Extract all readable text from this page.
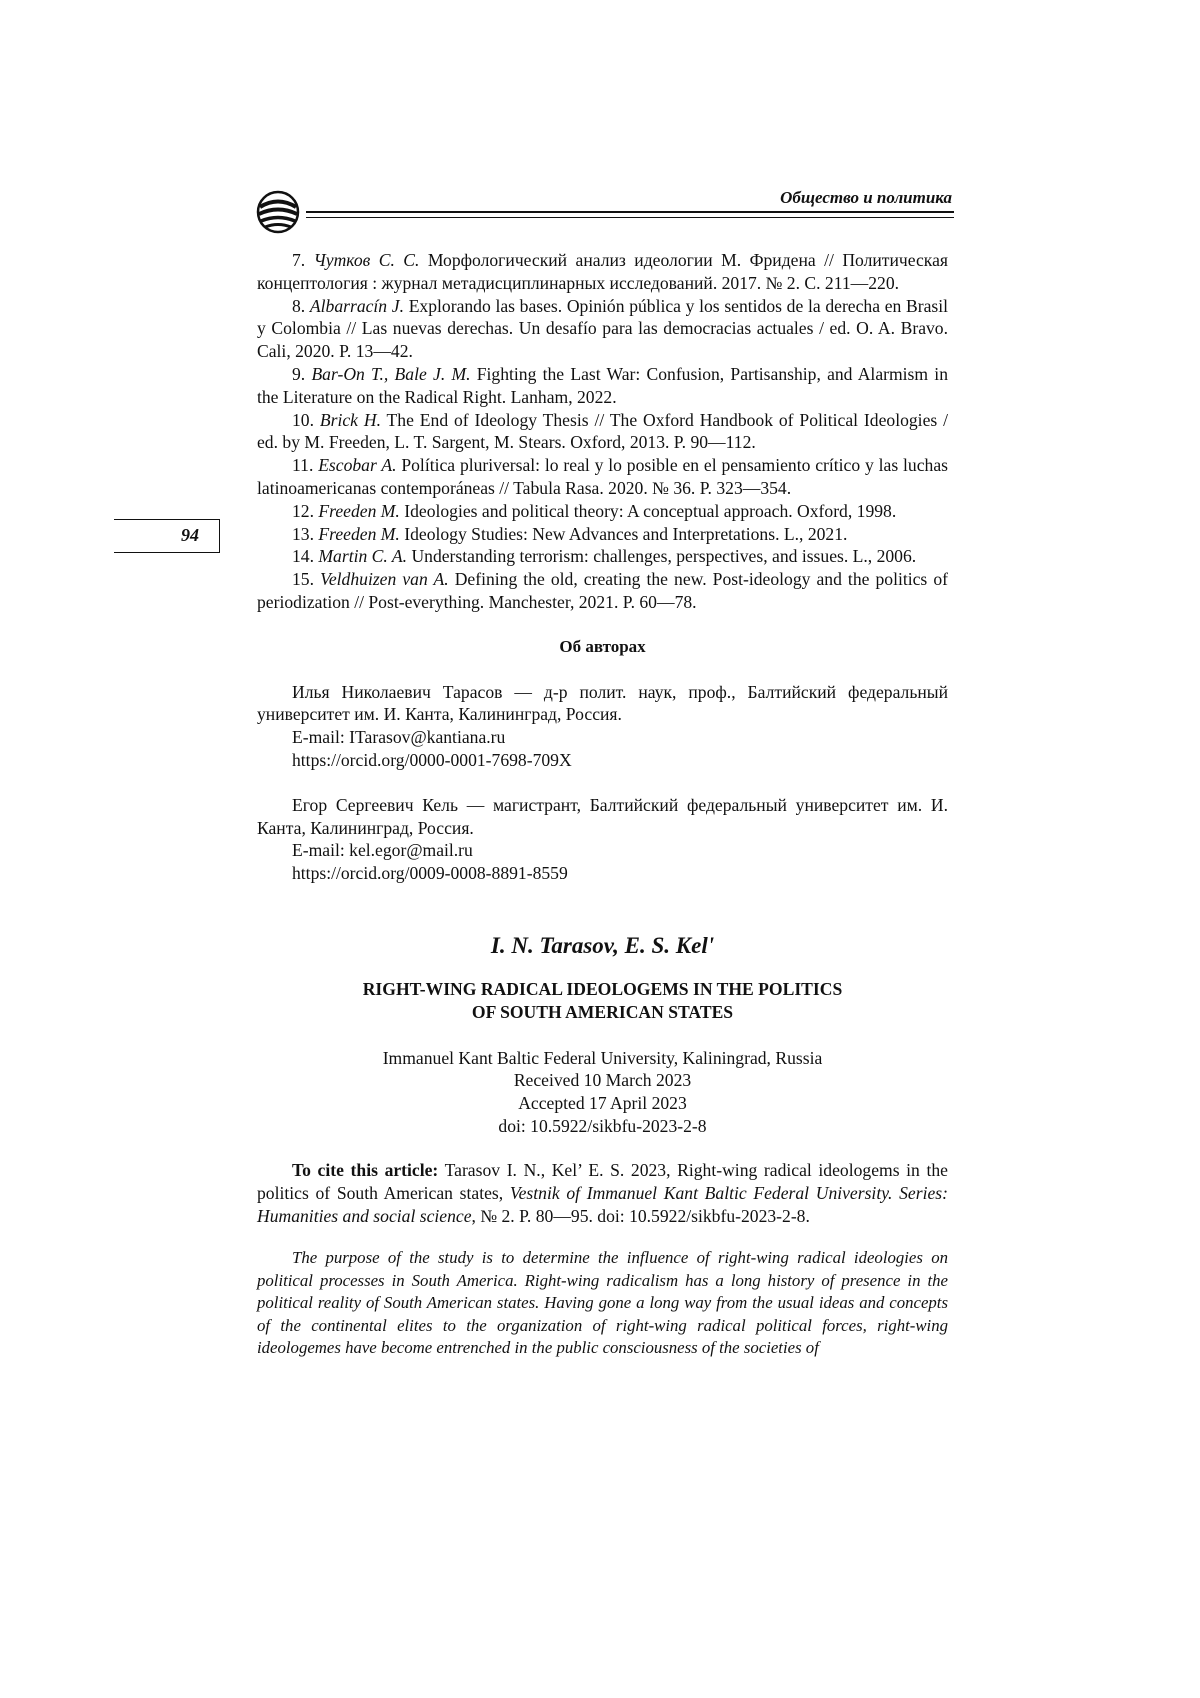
Общество и политика
94

7. Чутков С. С. Морфологический анализ идеологии М. Фридена // Политическая концептология : журнал метадисциплинарных исследований. 2017. № 2. С. 211—220.

8. Albarracín J. Explorando las bases. Opinión pública y los sentidos de la derecha en Brasil y Colombia // Las nuevas derechas. Un desafío para las democracias actuales / ed. O. A. Bravo. Cali, 2020. P. 13—42.

9. Bar-On T., Bale J. M. Fighting the Last War: Confusion, Partisanship, and Alarmism in the Literature on the Radical Right. Lanham, 2022.

10. Brick H. The End of Ideology Thesis // The Oxford Handbook of Political Ideologies / ed. by M. Freeden, L. T. Sargent, M. Stears. Oxford, 2013. P. 90—112.

11. Escobar A. Política pluriversal: lo real y lo posible en el pensamiento crítico y las luchas latinoamericanas contemporáneas // Tabula Rasa. 2020. № 36. P. 323—354.

12. Freeden M. Ideologies and political theory: A conceptual approach. Oxford, 1998.

13. Freeden M. Ideology Studies: New Advances and Interpretations. L., 2021.

14. Martin C. A. Understanding terrorism: challenges, perspectives, and issues. L., 2006.

15. Veldhuizen van A. Defining the old, creating the new. Post-ideology and the politics of periodization // Post-everything. Manchester, 2021. P. 60—78.

Об авторах

Илья Николаевич Тарасов — д-р полит. наук, проф., Балтийский федеральный университет им. И. Канта, Калининград, Россия.

E-mail: ITarasov@kantiana.ru

https://orcid.org/0000-0001-7698-709X

Егор Сергеевич Кель — магистрант, Балтийский федеральный университет им. И. Канта, Калининград, Россия.

E-mail: kel.egor@mail.ru

https://orcid.org/0009-0008-8891-8559

I. N. Tarasov, E. S. Kel'
RIGHT-WING RADICAL IDEOLOGEMS IN THE POLITICS
OF SOUTH AMERICAN STATES
Immanuel Kant Baltic Federal University, Kaliningrad, Russia
Received 10 March 2023
Accepted 17 April 2023
doi: 10.5922/sikbfu-2023-2-8

To cite this article: Tarasov I. N., Kel’ E. S. 2023, Right-wing radical ideologems in the politics of South American states, Vestnik of Immanuel Kant Baltic Federal University. Series: Humanities and social science, № 2. P. 80—95. doi: 10.5922/sikbfu-2023-2-8.

The purpose of the study is to determine the influence of right-wing radical ideologies on political processes in South America. Right-wing radicalism has a long history of presence in the political reality of South American states. Having gone a long way from the usual ideas and concepts of the continental elites to the organization of right-wing radical political forces, right-wing ideologemes have become entrenched in the public consciousness of the societies of
